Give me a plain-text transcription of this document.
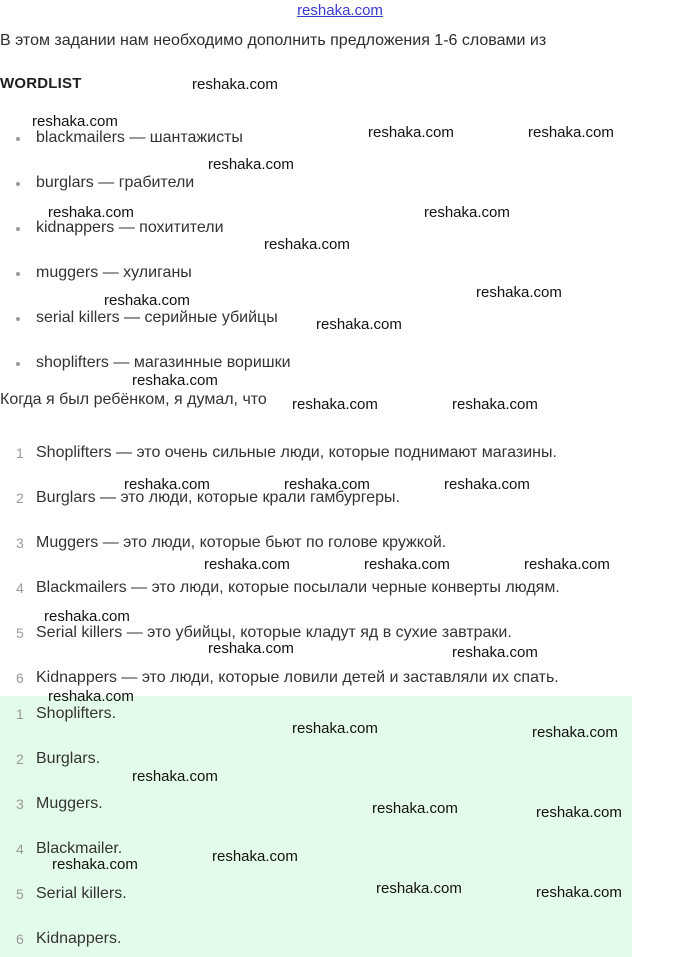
reshaka.com
В этом задании нам необходимо дополнить предложения 1-6 словами из
WORDLIST
blackmailers — шантажисты
burglars — грабители
kidnappers — похитители
muggers — хулиганы
serial killers — серийные убийцы
shoplifters — магазинные воришки
Когда я был ребёнком, я думал, что
1 Shoplifters — это очень сильные люди, которые поднимают магазины.
2 Burglars — это люди, которые крали гамбургеры.
3 Muggers — это люди, которые бьют по голове кружкой.
4 Blackmailers — это люди, которые посылали черные конверты людям.
5 Serial killers — это убийцы, которые кладут яд в сухие завтраки.
6 Kidnappers — это люди, которые ловили детей и заставляли их спать.
1 Shoplifters.
2 Burglars.
3 Muggers.
4 Blackmailer.
5 Serial killers.
6 Kidnappers.
reshaka.com
reshaka.com
reshaka.com	reshaka.com
reshaka.com
reshaka.com	reshaka.com
reshaka.com
reshaka.com
reshaka.com
reshaka.com
reshaka.com
reshaka.com	reshaka.com
reshaka.com	reshaka.com	reshaka.com
reshaka.com	reshaka.com	reshaka.com
reshaka.com
reshaka.com	reshaka.com
reshaka.com
reshaka.com	reshaka.com
reshaka.com
reshaka.com	reshaka.com
reshaka.com
reshaka.com
reshaka.com	reshaka.com
